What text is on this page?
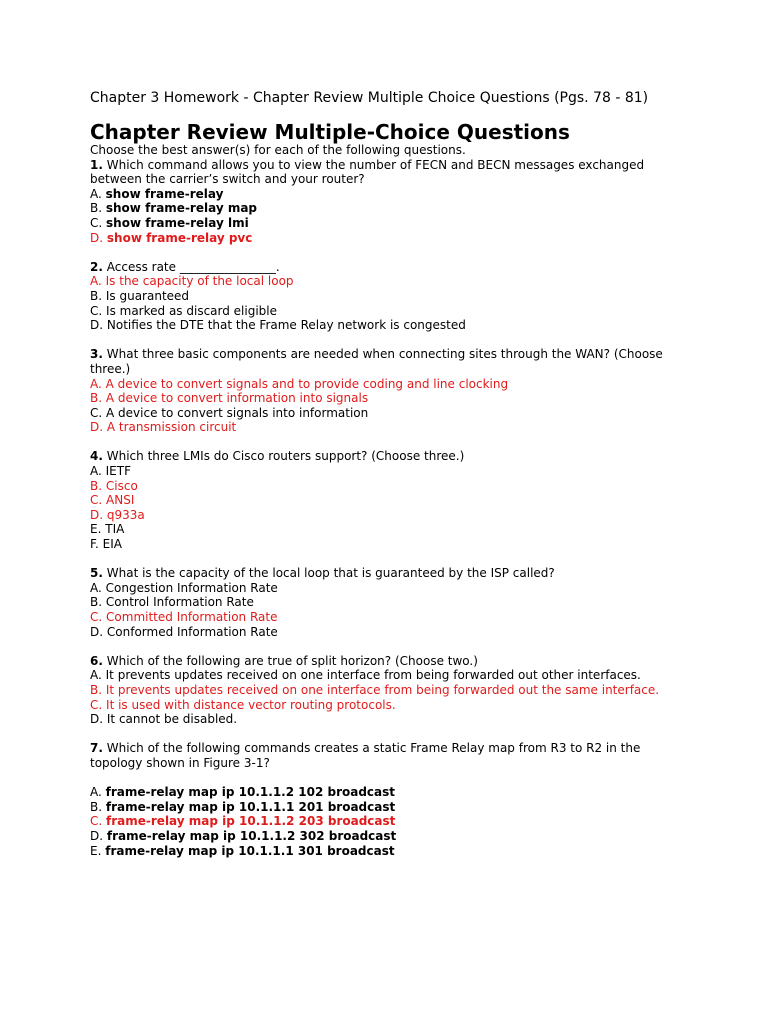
Chapter 3 Homework - Chapter Review Multiple Choice Questions (Pgs. 78 - 81)
Chapter Review Multiple-Choice Questions
Choose the best answer(s) for each of the following questions.
1. Which command allows you to view the number of FECN and BECN messages exchanged between the carrier’s switch and your router?
A. show frame-relay
B. show frame-relay map
C. show frame-relay lmi
D. show frame-relay pvc
2. Access rate ________________.
A. Is the capacity of the local loop
B. Is guaranteed
C. Is marked as discard eligible
D. Notifies the DTE that the Frame Relay network is congested
3. What three basic components are needed when connecting sites through the WAN? (Choose
three.)
A. A device to convert signals and to provide coding and line clocking
B. A device to convert information into signals
C. A device to convert signals into information
D. A transmission circuit
4. Which three LMIs do Cisco routers support? (Choose three.)
A. IETF
B. Cisco
C. ANSI
D. q933a
E. TIA
F. EIA
5. What is the capacity of the local loop that is guaranteed by the ISP called?
A. Congestion Information Rate
B. Control Information Rate
C. Committed Information Rate
D. Conformed Information Rate
6. Which of the following are true of split horizon? (Choose two.)
A. It prevents updates received on one interface from being forwarded out other interfaces.
B. It prevents updates received on one interface from being forwarded out the same interface.
C. It is used with distance vector routing protocols.
D. It cannot be disabled.
7. Which of the following commands creates a static Frame Relay map from R3 to R2 in the topology shown in Figure 3-1?
A. frame-relay map ip 10.1.1.2 102 broadcast
B. frame-relay map ip 10.1.1.1 201 broadcast
C. frame-relay map ip 10.1.1.2 203 broadcast
D. frame-relay map ip 10.1.1.2 302 broadcast
E. frame-relay map ip 10.1.1.1 301 broadcast
